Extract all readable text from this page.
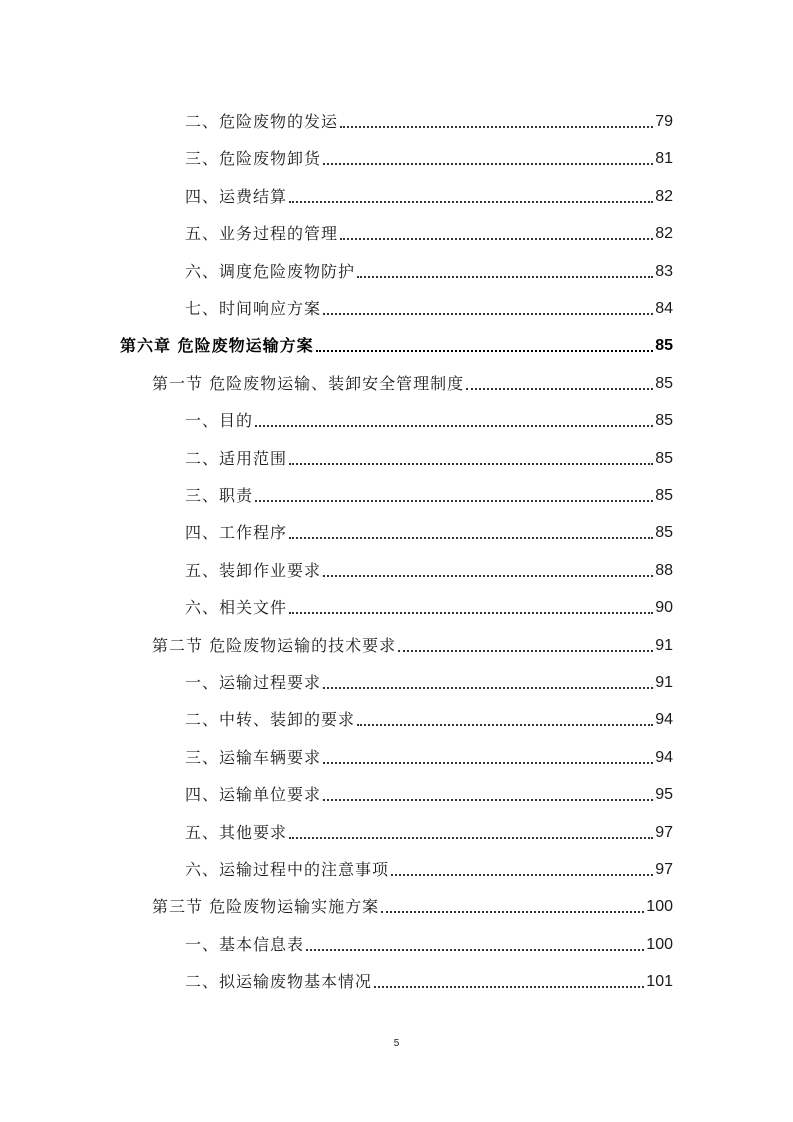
二、危险废物的发运	79
三、危险废物卸货	81
四、运费结算	82
五、业务过程的管理	82
六、调度危险废物防护	83
七、时间响应方案	84
第六章 危险废物运输方案	85
第一节 危险废物运输、装卸安全管理制度	85
一、目的	85
二、适用范围	85
三、职责	85
四、工作程序	85
五、装卸作业要求	88
六、相关文件	90
第二节 危险废物运输的技术要求	91
一、运输过程要求	91
二、中转、装卸的要求	94
三、运输车辆要求	94
四、运输单位要求	95
五、其他要求	97
六、运输过程中的注意事项	97
第三节 危险废物运输实施方案	100
一、基本信息表	100
二、拟运输废物基本情况	101
5
